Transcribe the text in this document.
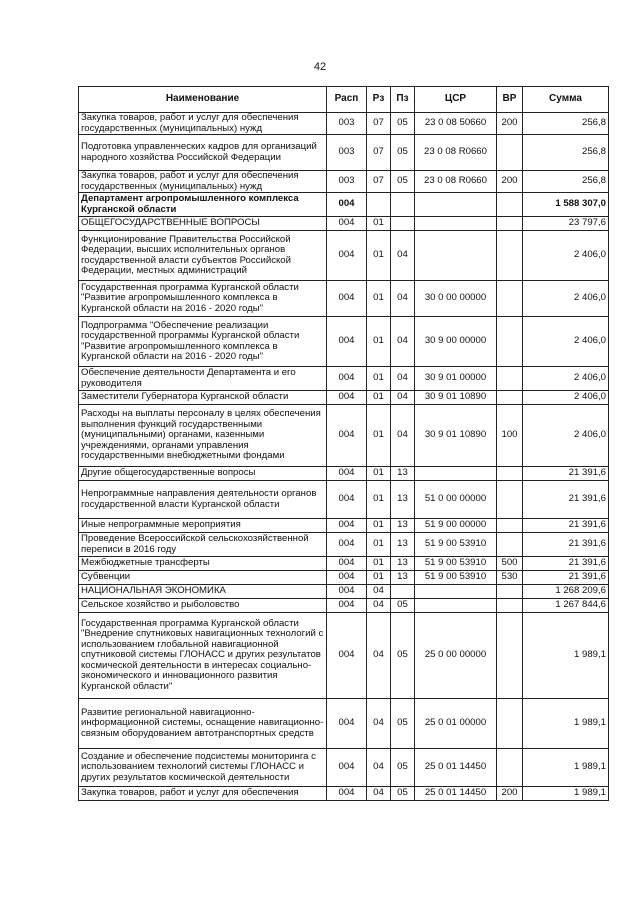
42
Наименование	Расп	Рз	Пз	ЦСР	ВР	Сумма
Закупка товаров, работ и услуг для обеспечения государственных (муниципальных) нужд	003	07	05	23 0 08 50660	200	256,8
Подготовка управленческих кадров для организаций народного хозяйства Российской Федерации	003	07	05	23 0 08 R0660		256,8
Закупка товаров, работ и услуг для обеспечения государственных (муниципальных) нужд	003	07	05	23 0 08 R0660	200	256,8
Департамент агропромышленного комплекса Курганской области	004					1 588 307,0
ОБЩЕГОСУДАРСТВЕННЫЕ ВОПРОСЫ	004	01				23 797,6
Функционирование Правительства Российской Федерации, высших исполнительных органов государственной власти субъектов Российской Федерации, местных администраций	004	01	04			2 406,0
Государственная программа Курганской области "Развитие агропромышленного комплекса в Курганской области на 2016 - 2020 годы"	004	01	04	30 0 00 00000		2 406,0
Подпрограмма "Обеспечение реализации государственной программы Курганской области "Развитие агропромышленного комплекса в Курганской области на 2016 - 2020 годы"	004	01	04	30 9 00 00000		2 406,0
Обеспечение деятельности Департамента и его руководителя	004	01	04	30 9 01 00000		2 406,0
Заместители Губернатора Курганской области	004	01	04	30 9 01 10890		2 406,0
Расходы на выплаты персоналу в целях обеспечения выполнения функций государственными (муниципальными) органами, казенными учреждениями, органами управления государственными внебюджетными фондами	004	01	04	30 9 01 10890	100	2 406,0
Другие общегосударственные вопросы	004	01	13			21 391,6
Непрограммные направления деятельности органов государственной власти Курганской области	004	01	13	51 0 00 00000		21 391,6
Иные непрограммные мероприятия	004	01	13	51 9 00 00000		21 391,6
Проведение Всероссийской сельскохозяйственной переписи в 2016 году	004	01	13	51 9 00 53910		21 391,6
Межбюджетные трансферты	004	01	13	51 9 00 53910	500	21 391,6
Субвенции	004	01	13	51 9 00 53910	530	21 391,6
НАЦИОНАЛЬНАЯ ЭКОНОМИКА	004	04				1 268 209,6
Сельское хозяйство и рыболовство	004	04	05			1 267 844,6
Государственная программа Курганской области "Внедрение спутниковых навигационных технологий с использованием глобальной навигационной спутниковой системы ГЛОНАСС и других результатов космической деятельности в интересах социально-экономического и инновационного развития Курганской области"	004	04	05	25 0 00 00000		1 989,1
Развитие региональной навигационно-информационной системы, оснащение навигационно-связным оборудованием автотранспортных средств	004	04	05	25 0 01 00000		1 989,1
Создание и обеспечение подсистемы мониторинга с использованием технологий системы ГЛОНАСС и других результатов космической деятельности	004	04	05	25 0 01 14450		1 989,1
Закупка товаров, работ и услуг для обеспечения	004	04	05	25 0 01 14450	200	1 989,1
